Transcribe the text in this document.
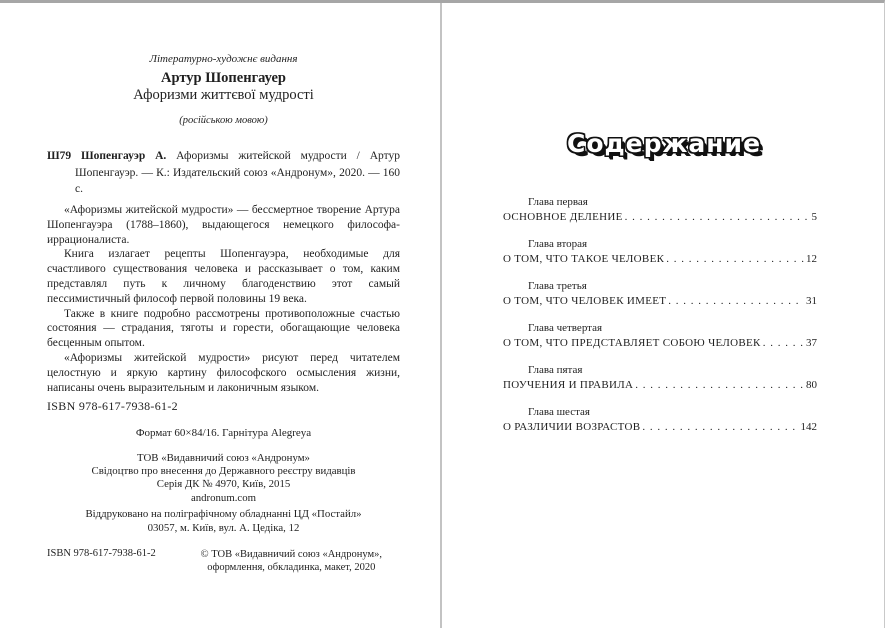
Літературно-художнє видання
Артур Шопенгауер
Афоризми життєвої мудрості
(російською мовою)
Ш79 Шопенгауэр А. Афоризмы житейской мудрости / Артур Шопенгауэр. — К.: Издательский союз «Андронум», 2020. — 160 с.

«Афоризмы житейской мудрости» — бессмертное творение Артура Шопенгауэра (1788–1860), выдающегося немецкого философа-иррационалиста.

Книга излагает рецепты Шопенгауэра, необходимые для счастливого существования человека и рассказывает о том, каким представлял путь к личному благоденствию этот самый пессимистичный философ первой половины 19 века.

Также в книге подробно рассмотрены противоположные счастью состояния — страдания, тяготы и горести, обогащающие человека бесценным опытом.

«Афоризмы житейской мудрости» рисуют перед читателем целостную и яркую картину философского осмысления жизни, написаны очень выразительным и лаконичным языком.

ISBN 978-617-7938-61-2
Формат 60×84/16. Гарнітура Alegreya
ТОВ «Видавничий союз «Андронум»
Свідоцтво про внесення до Державного реєстру видавців
Серія ДК № 4970, Київ, 2015
andronum.com
Віддруковано на поліграфічному обладнанні ЦД «Постайл»
03057, м. Київ, вул. А. Цедіка, 12
ISBN 978-617-7938-61-2	© ТОВ «Видавничий союз «Андронум»,
оформлення, обкладинка, макет, 2020
Содержание
Глава первая
ОСНОВНОЕ ДЕЛЕНИЕ . . .	5
Глава вторая
О ТОМ, ЧТО ТАКОЕ ЧЕЛОВЕК . . .	12
Глава третья
О ТОМ, ЧТО ЧЕЛОВЕК ИМЕЕТ . . .	31
Глава четвертая
О ТОМ, ЧТО ПРЕДСТАВЛЯЕТ СОБОЮ ЧЕЛОВЕК . . .	37
Глава пятая
ПОУЧЕНИЯ И ПРАВИЛА . . .	80
Глава шестая
О РАЗЛИЧИИ ВОЗРАСТОВ . . .	142
